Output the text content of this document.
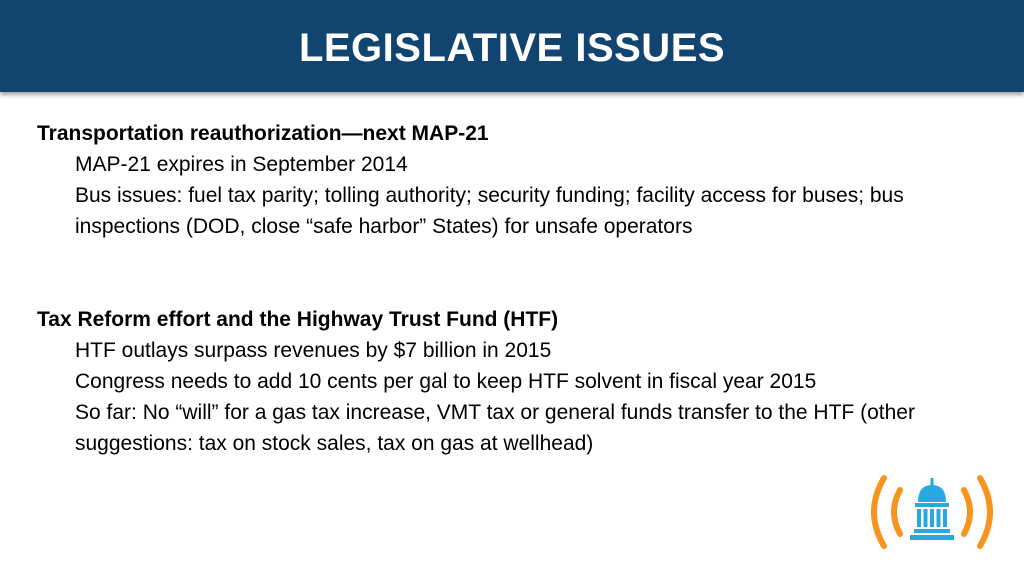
LEGISLATIVE ISSUES
Transportation reauthorization—next MAP-21
MAP-21 expires in September 2014
Bus issues: fuel tax parity; tolling authority; security funding; facility access for buses; bus inspections (DOD, close “safe harbor” States) for unsafe operators
Tax Reform effort and the Highway Trust Fund (HTF)
HTF outlays surpass revenues by $7 billion in 2015
Congress needs to add 10 cents per gal to keep HTF solvent in fiscal year 2015
So far: No “will” for a gas tax increase, VMT tax or general funds transfer to the HTF (other suggestions: tax on stock sales, tax on gas at wellhead)
